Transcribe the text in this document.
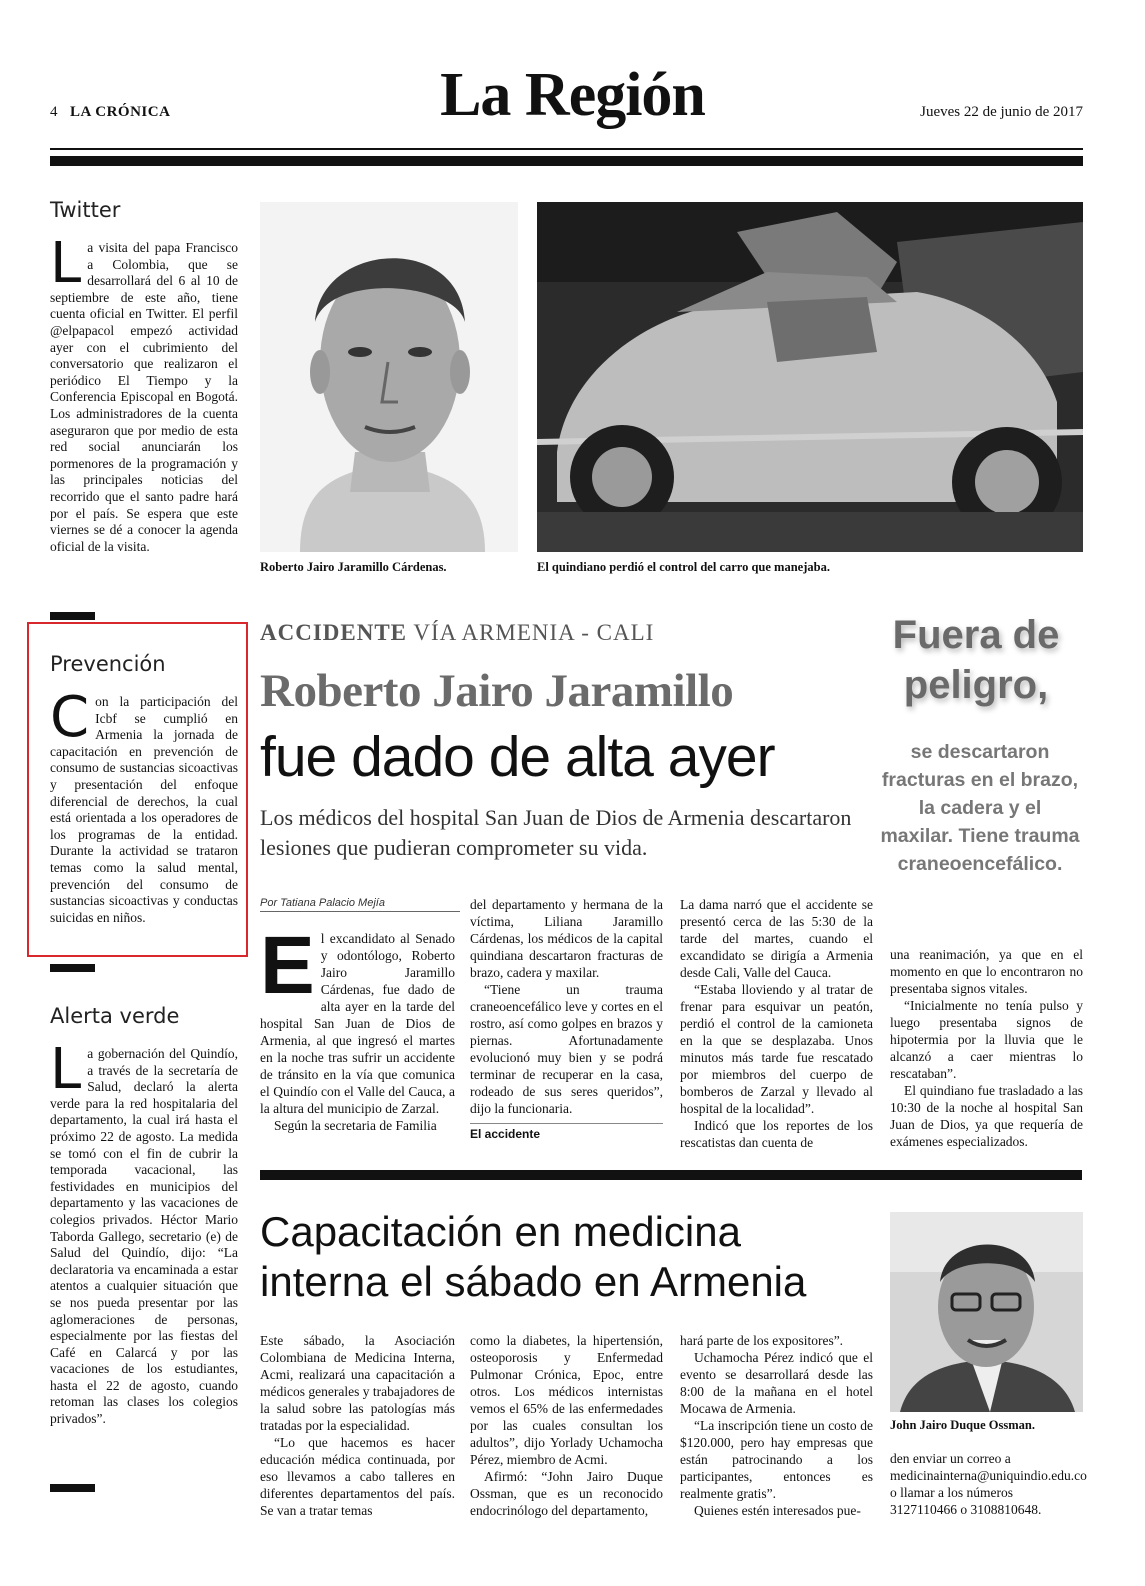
4 LA CRÓNICA	La Región	Jueves 22 de junio de 2017
Twitter
La visita del papa Francisco a Colombia, que se desarrollará del 6 al 10 de septiembre de este año, tiene cuenta oficial en Twitter. El perfil @elpapacol empezó actividad ayer con el cubrimiento del conversatorio que realizaron el periódico El Tiempo y la Conferencia Episcopal en Bogotá. Los administradores de la cuenta aseguraron que por medio de esta red social anunciarán los pormenores de la programación y las principales noticias del recorrido que el santo padre hará por el país. Se espera que este viernes se dé a conocer la agenda oficial de la visita.
Prevención
Con la participación del Icbf se cumplió en Armenia la jornada de capacitación en prevención de consumo de sustancias sicoactivas y presentación del enfoque diferencial de derechos, la cual está orientada a los operadores de los programas de la entidad. Durante la actividad se trataron temas como la salud mental, prevención del consumo de sustancias sicoactivas y conductas suicidas en niños.
Alerta verde
La gobernación del Quindío, a través de la secretaría de Salud, declaró la alerta verde para la red hospitalaria del departamento, la cual irá hasta el próximo 22 de agosto. La medida se tomó con el fin de cubrir la temporada vacacional, las festividades en municipios del departamento y las vacaciones de colegios privados. Héctor Mario Taborda Gallego, secretario (e) de Salud del Quindío, dijo: “La declaratoria va encaminada a estar atentos a cualquier situación que se nos pueda presentar por las aglomeraciones de personas, especialmente por las fiestas del Café en Calarcá y por las vacaciones de los estudiantes, hasta el 22 de agosto, cuando retoman las clases los colegios privados”.
Roberto Jairo Jaramillo Cárdenas.	El quindiano perdió el control del carro que manejaba.
ACCIDENTE VÍA ARMENIA - CALI
Roberto Jairo Jaramillo
fue dado de alta ayer
Los médicos del hospital San Juan de Dios de Armenia descartaron lesiones que pudieran comprometer su vida.
Por Tatiana Palacio Mejía
El excandidato al Senado y odontólogo, Roberto Jairo Jaramillo Cárdenas, fue dado de alta ayer en la tarde del hospital San Juan de Dios de Armenia, al que ingresó el martes en la noche tras sufrir un accidente de tránsito en la vía que comunica el Quindío con el Valle del Cauca, a la altura del municipio de Zarzal.
Según la secretaria de Familia
del departamento y hermana de la víctima, Liliana Jaramillo Cárdenas, los médicos de la capital quindiana descartaron fracturas de brazo, cadera y maxilar.
“Tiene un trauma craneoencefálico leve y cortes en el rostro, así como golpes en brazos y piernas. Afortunadamente evolucionó muy bien y se podrá terminar de recuperar en la casa, rodeado de sus seres queridos”, dijo la funcionaria.
El accidente
La dama narró que el accidente se presentó cerca de las 5:30 de la tarde del martes, cuando el excandidato se dirigía a Armenia desde Cali, Valle del Cauca.
“Estaba lloviendo y al tratar de frenar para esquivar un peatón, perdió el control de la camioneta en la que se desplazaba. Unos minutos más tarde fue rescatado por miembros del cuerpo de bomberos de Zarzal y llevado al hospital de la localidad”.
Indicó que los reportes de los rescatistas dan cuenta de
una reanimación, ya que en el momento en que lo encontraron no presentaba signos vitales.
“Inicialmente no tenía pulso y luego presentaba signos de hipotermia por la lluvia que le alcanzó a caer mientras lo rescataban”.
El quindiano fue trasladado a las 10:30 de la noche al hospital San Juan de Dios, ya que requería de exámenes especializados.
Fuera de peligro,
se descartaron fracturas en el brazo, la cadera y el maxilar. Tiene trauma craneoencefálico.
Capacitación en medicina interna el sábado en Armenia
Este sábado, la Asociación Colombiana de Medicina Interna, Acmi, realizará una capacitación a médicos generales y trabajadores de la salud sobre las patologías más tratadas por la especialidad.
“Lo que hacemos es hacer educación médica continuada, por eso llevamos a cabo talleres en diferentes departamentos del país. Se van a tratar temas
como la diabetes, la hipertensión, osteoporosis y Enfermedad Pulmonar Crónica, Epoc, entre otros. Los médicos internistas vemos el 65% de las enfermedades por las cuales consultan los adultos”, dijo Yorlady Uchamocha Pérez, miembro de Acmi.
Afirmó: “John Jairo Duque Ossman, que es un reconocido endocrinólogo del departamento,
hará parte de los expositores”.
Uchamocha Pérez indicó que el evento se desarrollará desde las 8:00 de la mañana en el hotel Mocawa de Armenia.
“La inscripción tiene un costo de $120.000, pero hay empresas que están patrocinando a los participantes, entonces es realmente gratis”.
Quienes estén interesados pue-
John Jairo Duque Ossman.
den enviar un correo a medicinainterna@uniquindio.edu.co o llamar a los números 3127110466 o 3108810648.
